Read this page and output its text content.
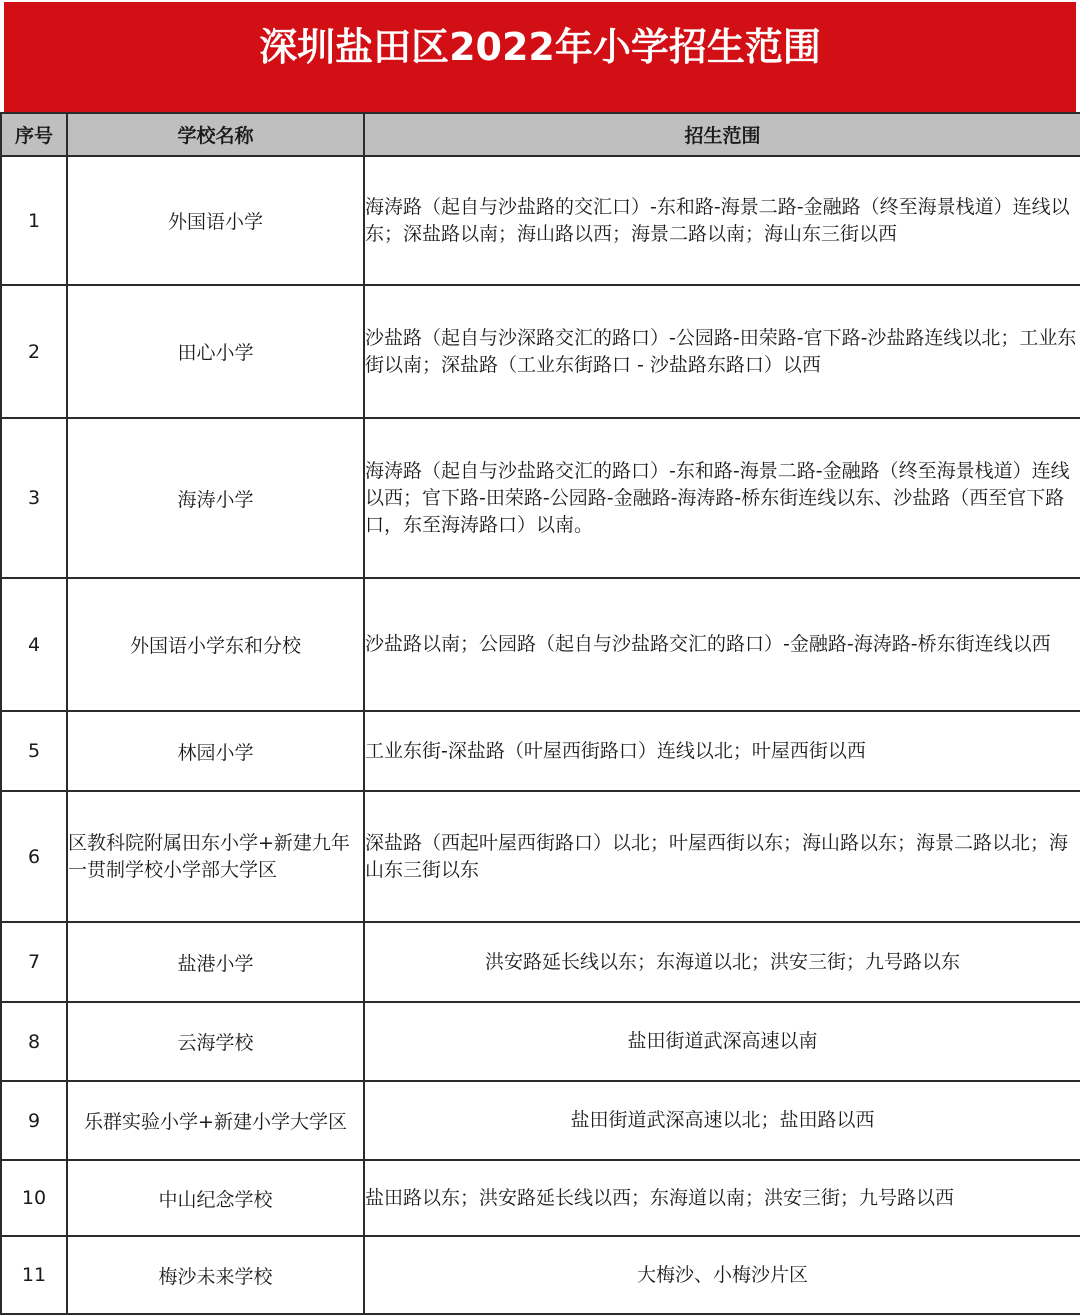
深圳盐田区2022年小学招生范围
序号	学校名称	招生范围
1	外国语小学	海涛路（起自与沙盐路的交汇口）-东和路-海景二路-金融路（终至海景栈道）连线以东；深盐路以南；海山路以西；海景二路以南；海山东三街以西
2	田心小学	沙盐路（起自与沙深路交汇的路口）-公园路-田荣路-官下路-沙盐路连线以北；工业东街以南；深盐路（工业东街路口 - 沙盐路东路口）以西
3	海涛小学	海涛路（起自与沙盐路交汇的路口）-东和路-海景二路-金融路（终至海景栈道）连线以西；官下路-田荣路-公园路-金融路-海涛路-桥东街连线以东、沙盐路（西至官下路口，东至海涛路口）以南。
4	外国语小学东和分校	沙盐路以南；公园路（起自与沙盐路交汇的路口）-金融路-海涛路-桥东街连线以西
5	林园小学	工业东街-深盐路（叶屋西街路口）连线以北；叶屋西街以西
6	区教科院附属田东小学+新建九年一贯制学校小学部大学区	深盐路（西起叶屋西街路口）以北；叶屋西街以东；海山路以东；海景二路以北；海山东三街以东
7	盐港小学	洪安路延长线以东；东海道以北；洪安三街；九号路以东
8	云海学校	盐田街道武深高速以南
9	乐群实验小学+新建小学大学区	盐田街道武深高速以北；盐田路以西
10	中山纪念学校	盐田路以东；洪安路延长线以西；东海道以南；洪安三街；九号路以西
11	梅沙未来学校	大梅沙、小梅沙片区
